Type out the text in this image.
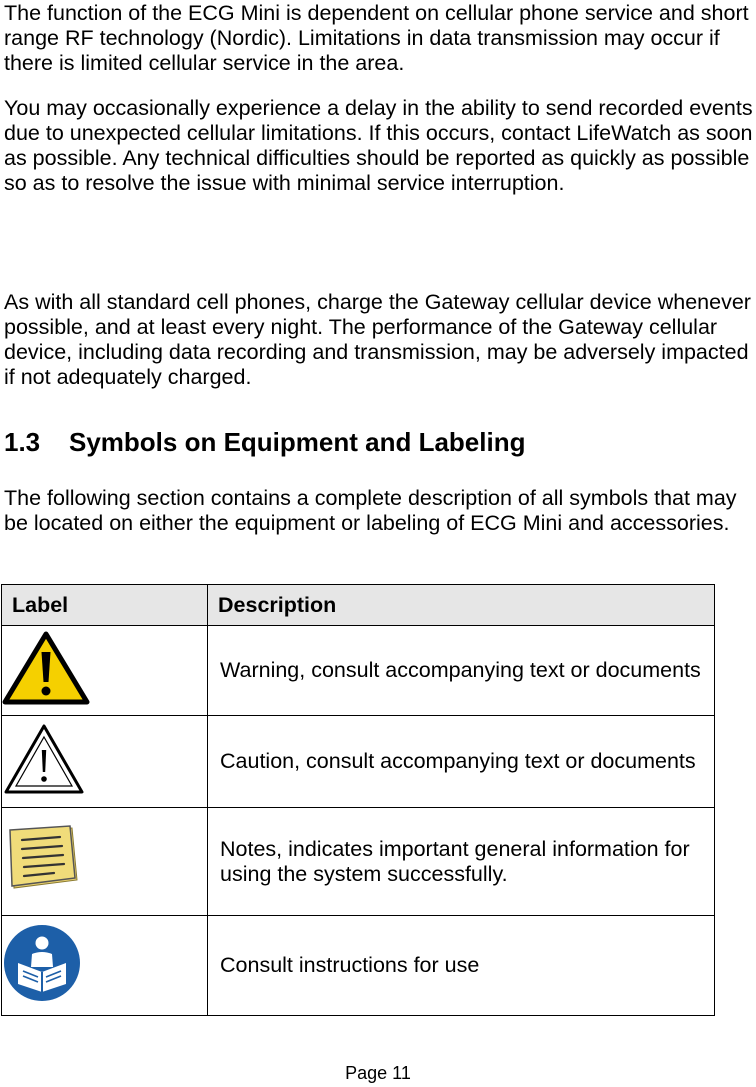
The function of the ECG Mini is dependent on cellular phone service and short range RF technology (Nordic). Limitations in data transmission may occur if there is limited cellular service in the area.

You may occasionally experience a delay in the ability to send recorded events due to unexpected cellular limitations. If this occurs, contact LifeWatch as soon as possible. Any technical difficulties should be reported as quickly as possible so as to resolve the issue with minimal service interruption.

As with all standard cell phones, charge the Gateway cellular device whenever possible, and at least every night. The performance of the Gateway cellular device, including data recording and transmission, may be adversely impacted if not adequately charged.

1.3 Symbols on Equipment and Labeling

The following section contains a complete description of all symbols that may be located on either the equipment or labeling of ECG Mini and accessories.

Label	Description
	Warning, consult accompanying text or documents
	Caution, consult accompanying text or documents
	Notes, indicates important general information for using the system successfully.
	Consult instructions for use
Page 11
